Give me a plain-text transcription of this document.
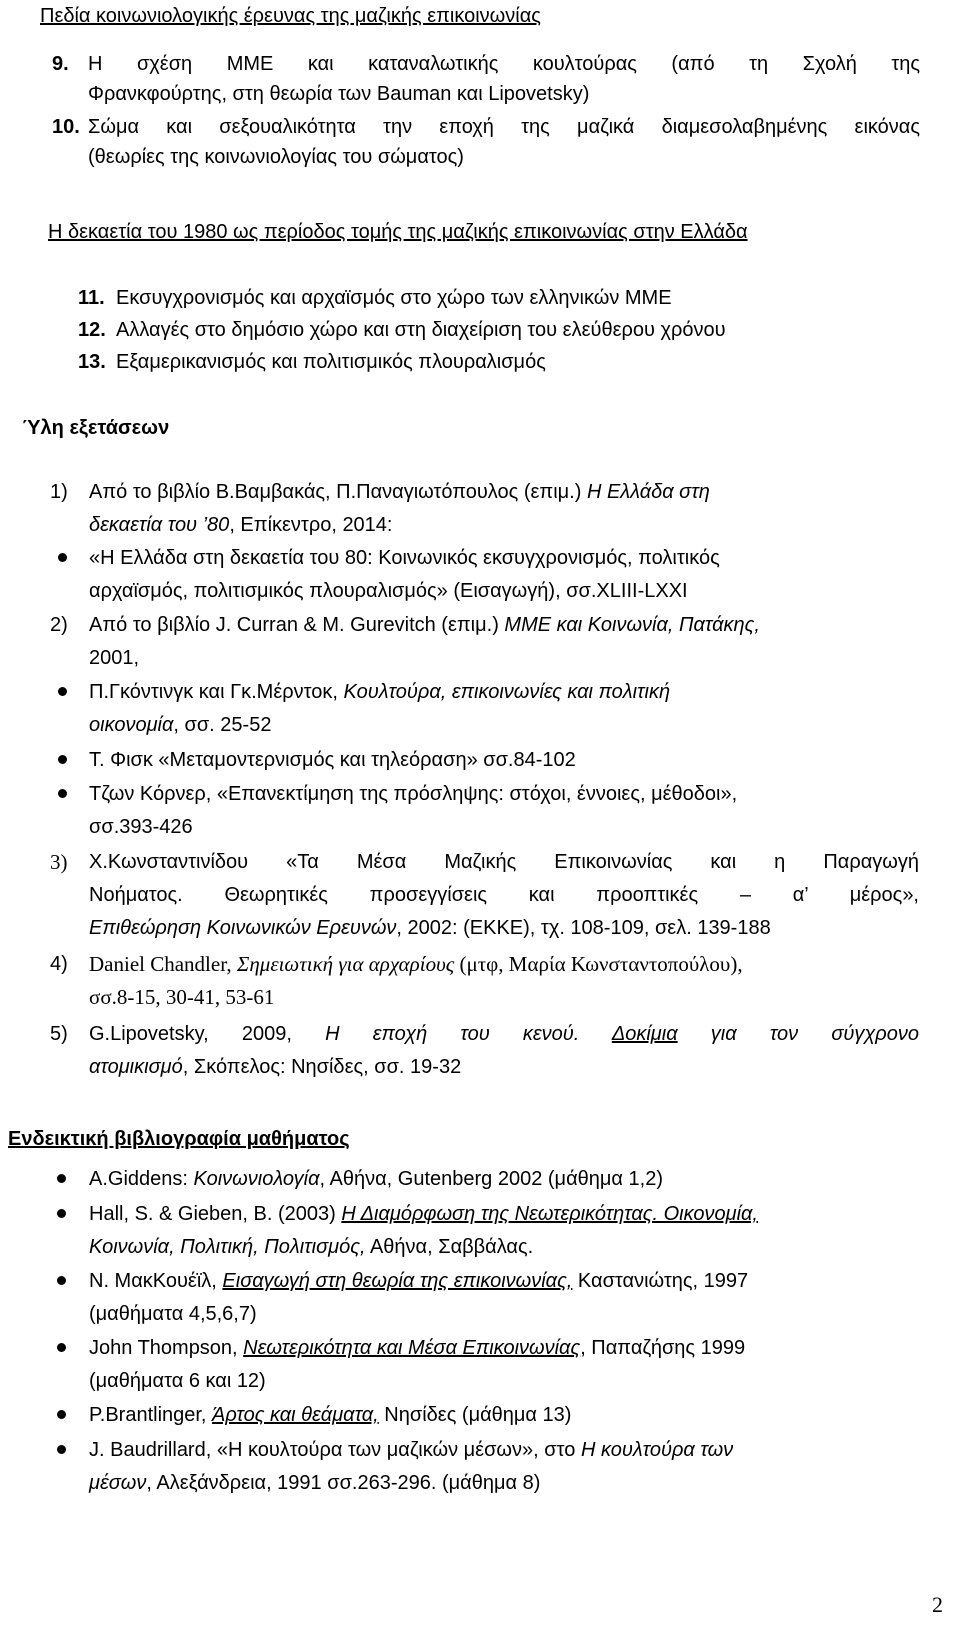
Πεδία κοινωνιολογικής έρευνας της μαζικής επικοινωνίας
9. Η σχέση ΜΜΕ και καταναλωτικής κουλτούρας (από τη Σχολή της
Φρανκφούρτης, στη θεωρία των Bauman και Lipovetsky)
10. Σώμα και σεξουαλικότητα την εποχή της μαζικά διαμεσολαβημένης εικόνας
(θεωρίες της κοινωνιολογίας του σώματος)
Η δεκαετία του 1980 ως περίοδος τομής της μαζικής επικοινωνίας στην Ελλάδα
11. Εκσυγχρονισμός και αρχαϊσμός στο χώρο των ελληνικών ΜΜΕ
12. Αλλαγές στο δημόσιο χώρο και στη διαχείριση του ελεύθερου χρόνου
13. Εξαμερικανισμός και πολιτισμικός πλουραλισμός
Ύλη εξετάσεων
1) Από το βιβλίο Β.Βαμβακάς, Π.Παναγιωτόπουλος (επιμ.) Η Ελλάδα στη
δεκαετία του ’80, Επίκεντρο, 2014:
«Η Ελλάδα στη δεκαετία του 80: Κοινωνικός εκσυγχρονισμός, πολιτικός
αρχαϊσμός, πολιτισμικός πλουραλισμός» (Εισαγωγή), σσ.XLIII-LXXI
2) Από το βιβλίο J. Curran & M. Gurevitch (επιμ.) ΜΜΕ και Κοινωνία, Πατάκης,
2001,
Π.Γκόντινγκ και Γκ.Μέρντοκ, Κουλτούρα, επικοινωνίες και πολιτική
οικονομία, σσ. 25-52
Τ. Φισκ «Μεταμοντερνισμός και τηλεόραση» σσ.84-102
Τζων Κόρνερ, «Επανεκτίμηση της πρόσληψης: στόχοι, έννοιες, μέθοδοι»,
σσ.393-426
3) Χ.Κωνσταντινίδου «Τα Μέσα Μαζικής Επικοινωνίας και η Παραγωγή
Νοήματος. Θεωρητικές προσεγγίσεις και προοπτικές – α’ μέρος»,
Επιθεώρηση Κοινωνικών Ερευνών, 2002: (ΕΚΚΕ), τχ. 108-109, σελ. 139-188
4) Daniel Chandler, Σημειωτική για αρχαρίους (μτφ, Μαρία Κωνσταντοπούλου),
σσ.8-15, 30-41, 53-61
5) G.Lipovetsky, 2009, Η εποχή του κενού. Δοκίμια για τον σύγχρονο
ατομικισμό, Σκόπελος: Νησίδες, σσ. 19-32
Ενδεικτική βιβλιογραφία μαθήματος
A.Giddens: Κοινωνιολογία, Αθήνα, Gutenberg 2002 (μάθημα 1,2)
Hall, S. & Gieben, B. (2003) Η Διαμόρφωση της Νεωτερικότητας. Οικονομία,
Κοινωνία, Πολιτική, Πολιτισμός, Αθήνα, Σαββάλας.
Ν. ΜακΚουέϊλ, Εισαγωγή στη θεωρία της επικοινωνίας, Καστανιώτης, 1997
(μαθήματα 4,5,6,7)
John Thompson, Νεωτερικότητα και Μέσα Επικοινωνίας, Παπαζήσης 1999
(μαθήματα 6 και 12)
P.Brantlinger, Άρτος και θεάματα, Νησίδες (μάθημα 13)
J. Baudrillard, «Η κουλτούρα των μαζικών μέσων», στο Η κουλτούρα των
μέσων, Αλεξάνδρεια, 1991 σσ.263-296. (μάθημα 8)
2
